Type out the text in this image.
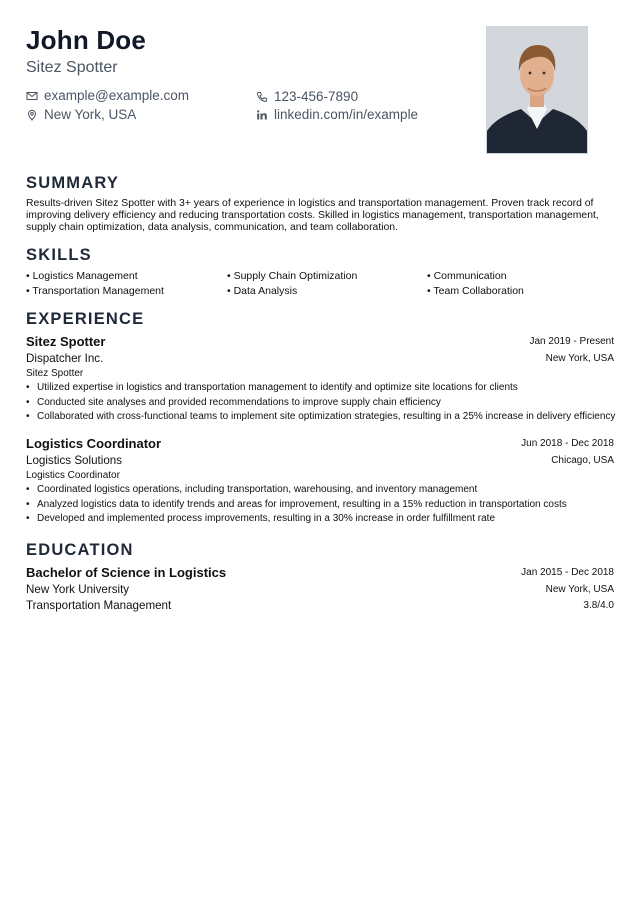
John Doe
Sitez Spotter
example@example.com	123-456-7890
New York, USA	linkedin.com/in/example
SUMMARY
Results-driven Sitez Spotter with 3+ years of experience in logistics and transportation management. Proven track record of improving delivery efficiency and reducing transportation costs. Skilled in logistics management, transportation management, supply chain optimization, data analysis, communication, and team collaboration.
SKILLS
• Logistics Management	• Supply Chain Optimization	• Communication
• Transportation Management	• Data Analysis	• Team Collaboration
EXPERIENCE
Sitez Spotter	Jan 2019 - Present
Dispatcher Inc.	New York, USA
Sitez Spotter
• Utilized expertise in logistics and transportation management to identify and optimize site locations for clients
• Conducted site analyses and provided recommendations to improve supply chain efficiency
• Collaborated with cross-functional teams to implement site optimization strategies, resulting in a 25% increase in delivery efficiency
Logistics Coordinator	Jun 2018 - Dec 2018
Logistics Solutions	Chicago, USA
Logistics Coordinator
• Coordinated logistics operations, including transportation, warehousing, and inventory management
• Analyzed logistics data to identify trends and areas for improvement, resulting in a 15% reduction in transportation costs
• Developed and implemented process improvements, resulting in a 30% increase in order fulfillment rate
EDUCATION
Bachelor of Science in Logistics	Jan 2015 - Dec 2018
New York University	New York, USA
Transportation Management	3.8/4.0
